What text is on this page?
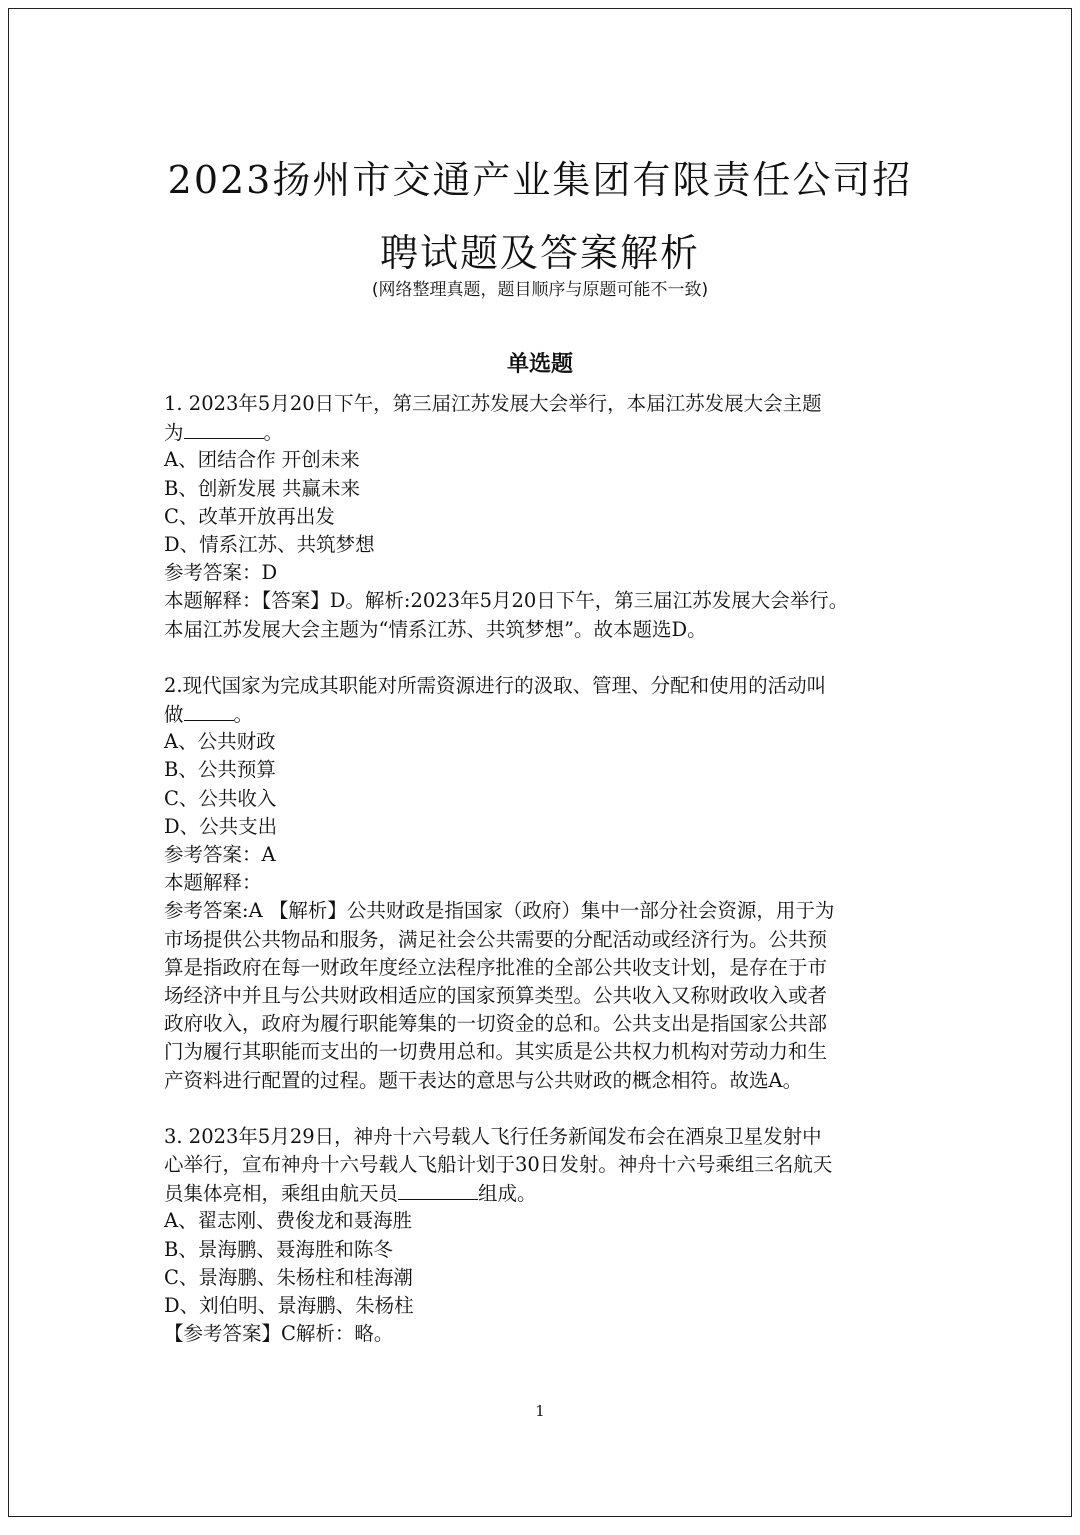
2023扬州市交通产业集团有限责任公司招
聘试题及答案解析
(网络整理真题，题目顺序与原题可能不一致)
单选题
1. 2023年5月20日下午，第三届江苏发展大会举行，本届江苏发展大会主题
为	。
A、团结合作 开创未来
B、创新发展 共赢未来
C、改革开放再出发
D、情系江苏、共筑梦想
参考答案：D
本题解释：【答案】D。解析:2023年5月20日下午，第三届江苏发展大会举行。
本届江苏发展大会主题为“情系江苏、共筑梦想”。故本题选D。
2.现代国家为完成其职能对所需资源进行的汲取、管理、分配和使用的活动叫
做	。
A、公共财政
B、公共预算
C、公共收入
D、公共支出
参考答案：A
本题解释：
参考答案:A 【解析】公共财政是指国家（政府）集中一部分社会资源，用于为
市场提供公共物品和服务，满足社会公共需要的分配活动或经济行为。公共预
算是指政府在每一财政年度经立法程序批准的全部公共收支计划，是存在于市
场经济中并且与公共财政相适应的国家预算类型。公共收入又称财政收入或者
政府收入，政府为履行职能筹集的一切资金的总和。公共支出是指国家公共部
门为履行其职能而支出的一切费用总和。其实质是公共权力机构对劳动力和生
产资料进行配置的过程。题干表达的意思与公共财政的概念相符。故选A。
3. 2023年5月29日，神舟十六号载人飞行任务新闻发布会在酒泉卫星发射中
心举行，宣布神舟十六号载人飞船计划于30日发射。神舟十六号乘组三名航天
员集体亮相，乘组由航天员	组成。
A、翟志刚、费俊龙和聂海胜
B、景海鹏、聂海胜和陈冬
C、景海鹏、朱杨柱和桂海潮
D、刘伯明、景海鹏、朱杨柱
【参考答案】C解析：略。
1
